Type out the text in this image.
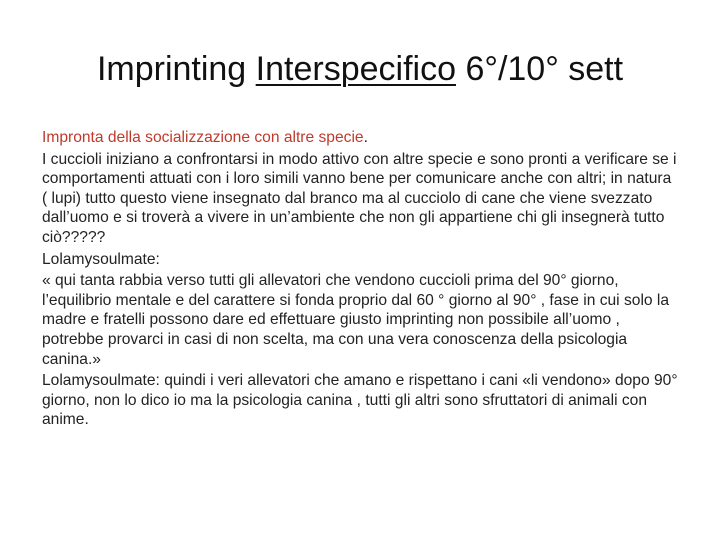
Imprinting Interspecifico 6°/10° sett

Impronta della socializzazione con altre specie.

I cuccioli iniziano a confrontarsi in modo attivo con altre specie e sono pronti a verificare se i comportamenti attuati con i loro simili vanno bene per comunicare anche con altri; in natura ( lupi) tutto questo viene insegnato dal branco ma al cucciolo di cane che viene svezzato dall’uomo e si troverà a vivere in un’ambiente che non gli appartiene chi gli insegnerà tutto ciò?????

Lolamysoulmate:

« qui tanta rabbia verso tutti gli allevatori che vendono cuccioli prima del 90° giorno, l’equilibrio mentale e del carattere si fonda proprio dal 60 ° giorno al 90° , fase in cui solo la madre e fratelli possono dare ed effettuare giusto imprinting non possibile all’uomo , potrebbe provarci in casi di non scelta, ma con una vera conoscenza della psicologia canina.»

Lolamysoulmate: quindi i veri allevatori che amano e rispettano i cani «li vendono» dopo 90° giorno, non lo dico io ma la psicologia canina , tutti gli altri sono sfruttatori di animali con anime.
